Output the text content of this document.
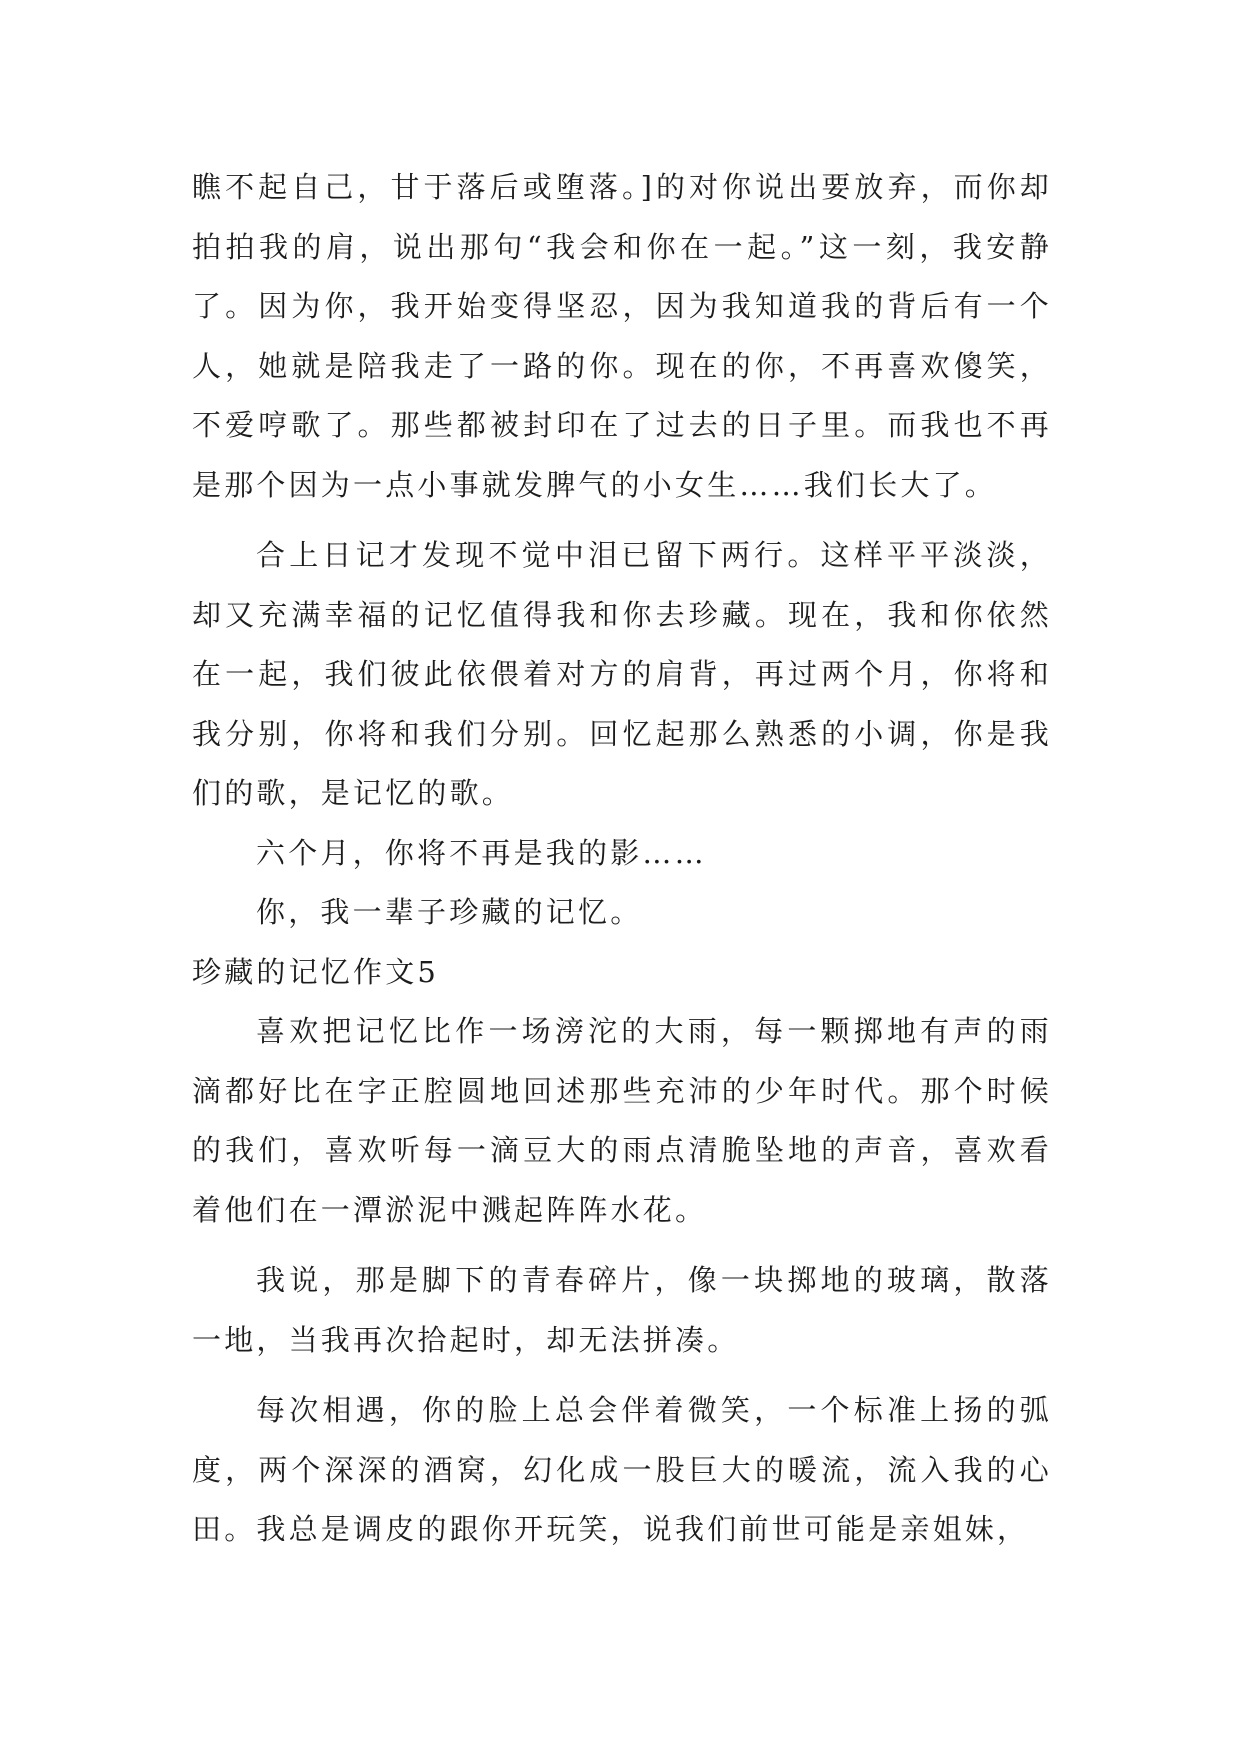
瞧不起自己，甘于落后或堕落。]的对你说出要放弃，而你却拍拍我的肩，说出那句“我会和你在一起。”这一刻，我安静了。因为你，我开始变得坚忍，因为我知道我的背后有一个人，她就是陪我走了一路的你。现在的你，不再喜欢傻笑，不爱哼歌了。那些都被封印在了过去的日子里。而我也不再是那个因为一点小事就发脾气的小女生……我们长大了。

合上日记才发现不觉中泪已留下两行。这样平平淡淡，却又充满幸福的记忆值得我和你去珍藏。现在，我和你依然在一起，我们彼此依偎着对方的肩背，再过两个月，你将和我分别，你将和我们分别。回忆起那么熟悉的小调，你是我们的歌，是记忆的歌。

六个月，你将不再是我的影……

你，我一辈子珍藏的记忆。

珍藏的记忆作文5

喜欢把记忆比作一场滂沱的大雨，每一颗掷地有声的雨滴都好比在字正腔圆地回述那些充沛的少年时代。那个时候的我们，喜欢听每一滴豆大的雨点清脆坠地的声音，喜欢看着他们在一潭淤泥中溅起阵阵水花。

我说，那是脚下的青春碎片，像一块掷地的玻璃，散落一地，当我再次拾起时，却无法拼凑。

每次相遇，你的脸上总会伴着微笑，一个标准上扬的弧度，两个深深的酒窝，幻化成一股巨大的暖流，流入我的心田。我总是调皮的跟你开玩笑，说我们前世可能是亲姐妹，
